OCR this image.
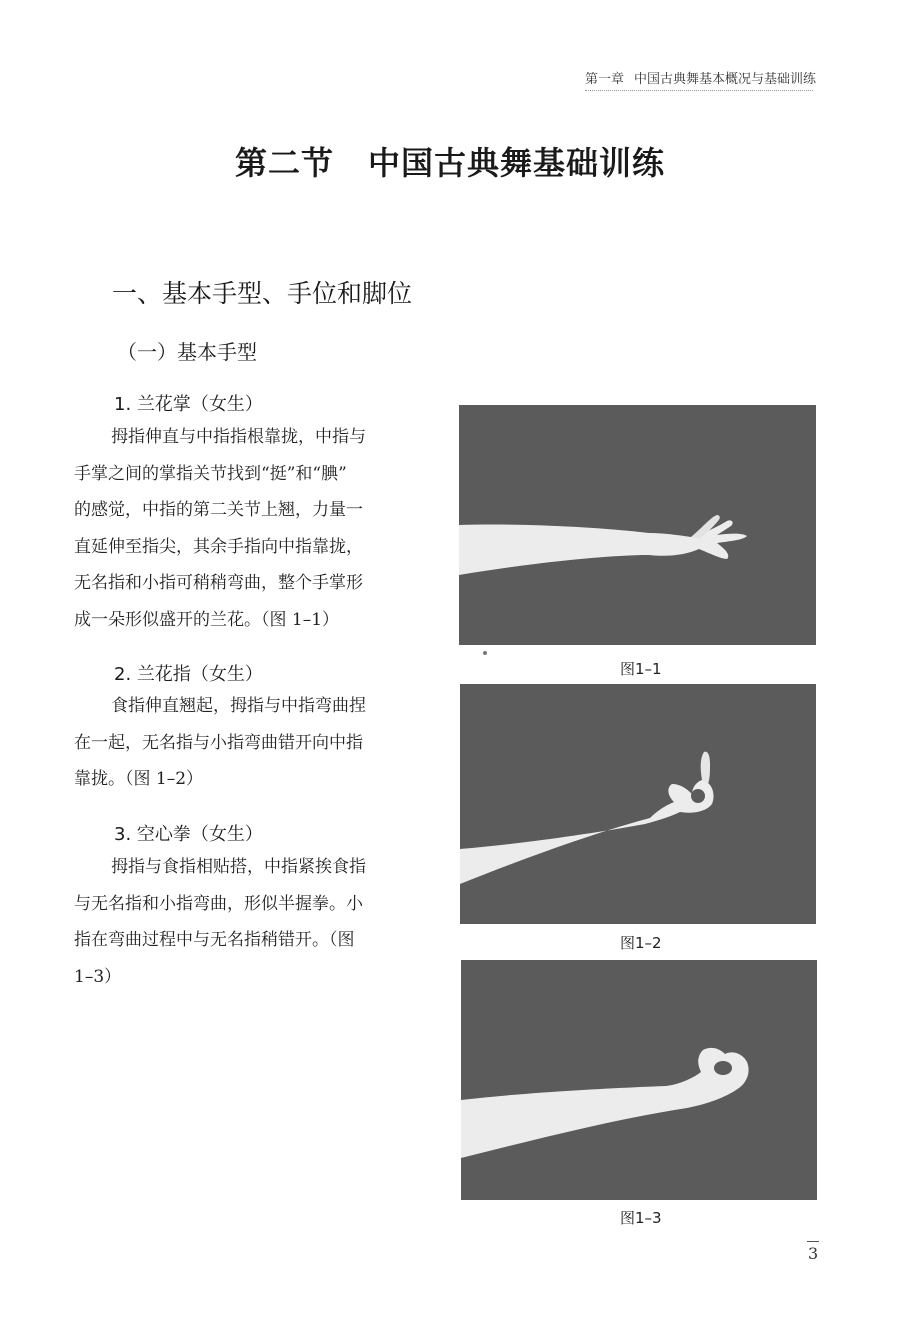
第一章 中国古典舞基本概况与基础训练
第二节 中国古典舞基础训练
一、基本手型、手位和脚位
（一）基本手型
1. 兰花掌（女生）
拇指伸直与中指指根靠拢，中指与
手掌之间的掌指关节找到“挺”和“腆”
的感觉，中指的第二关节上翘，力量一
直延伸至指尖，其余手指向中指靠拢，
无名指和小指可稍稍弯曲，整个手掌形
成一朵形似盛开的兰花。（图 1–1）
2. 兰花指（女生）
食指伸直翘起，拇指与中指弯曲捏
在一起，无名指与小指弯曲错开向中指
靠拢。（图 1–2）
3. 空心拳（女生）
拇指与食指相贴搭，中指紧挨食指
与无名指和小指弯曲，形似半握拳。小
指在弯曲过程中与无名指稍错开。（图
1–3）
图1–1
图1–2
图1–3
3
